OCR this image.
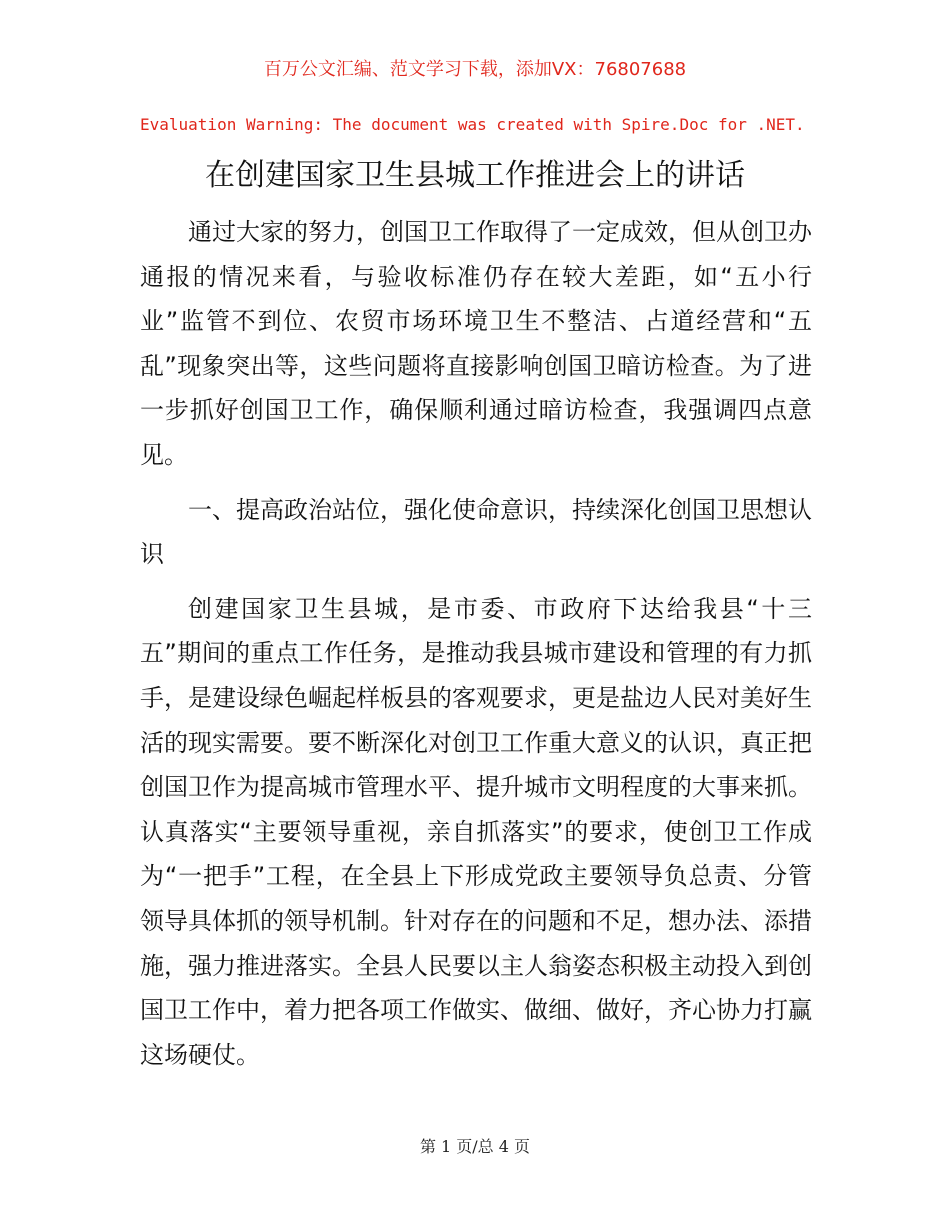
百万公文汇编、范文学习下载，添加VX：76807688
Evaluation Warning: The document was created with Spire.Doc for .NET.
在创建国家卫生县城工作推进会上的讲话

通过大家的努力，创国卫工作取得了一定成效，但从创卫办通报的情况来看，与验收标准仍存在较大差距，如“五小行业”监管不到位、农贸市场环境卫生不整洁、占道经营和“五乱”现象突出等，这些问题将直接影响创国卫暗访检查。为了进一步抓好创国卫工作，确保顺利通过暗访检查，我强调四点意见。

一、提高政治站位，强化使命意识，持续深化创国卫思想认识

创建国家卫生县城，是市委、市政府下达给我县“十三五”期间的重点工作任务，是推动我县城市建设和管理的有力抓手，是建设绿色崛起样板县的客观要求，更是盐边人民对美好生活的现实需要。要不断深化对创卫工作重大意义的认识，真正把创国卫作为提高城市管理水平、提升城市文明程度的大事来抓。认真落实“主要领导重视，亲自抓落实”的要求，使创卫工作成为“一把手”工程，在全县上下形成党政主要领导负总责、分管领导具体抓的领导机制。针对存在的问题和不足，想办法、添措施，强力推进落实。全县人民要以主人翁姿态积极主动投入到创国卫工作中，着力把各项工作做实、做细、做好，齐心协力打赢这场硬仗。

第 1 页/总 4 页
